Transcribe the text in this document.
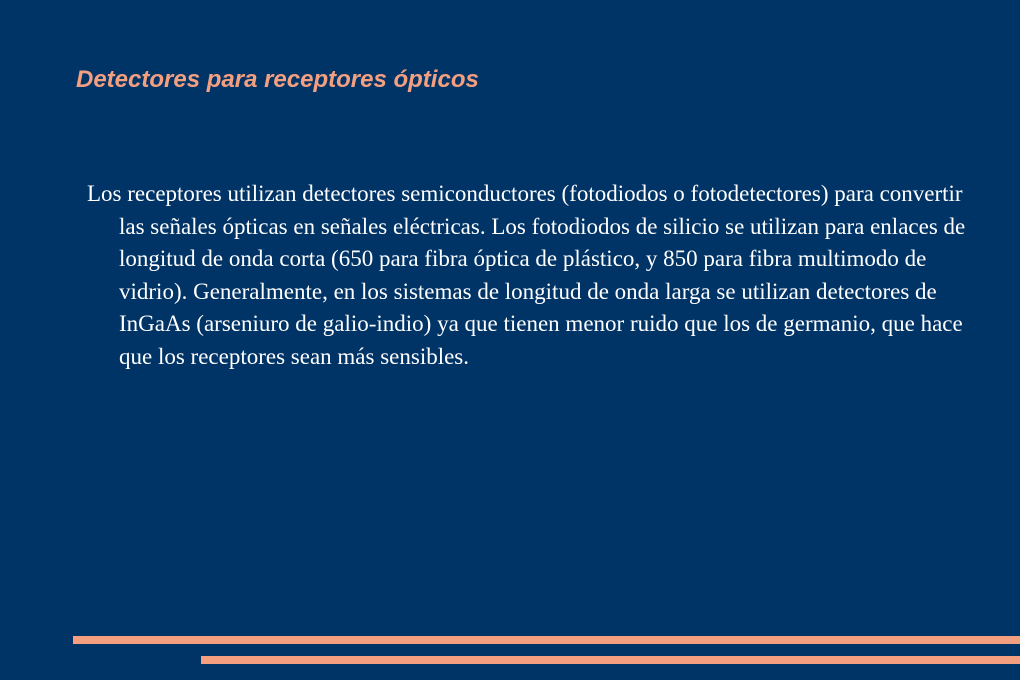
Detectores para receptores ópticos

Los receptores utilizan detectores semiconductores (fotodiodos o fotodetectores) para convertir las señales ópticas en señales eléctricas. Los fotodiodos de silicio se utilizan para enlaces de longitud de onda corta (650 para fibra óptica de plástico, y 850 para fibra multimodo de vidrio). Generalmente, en los sistemas de longitud de onda larga se utilizan detectores de InGaAs (arseniuro de galio-indio) ya que tienen menor ruido que los de germanio, que hace que los receptores sean más sensibles.
